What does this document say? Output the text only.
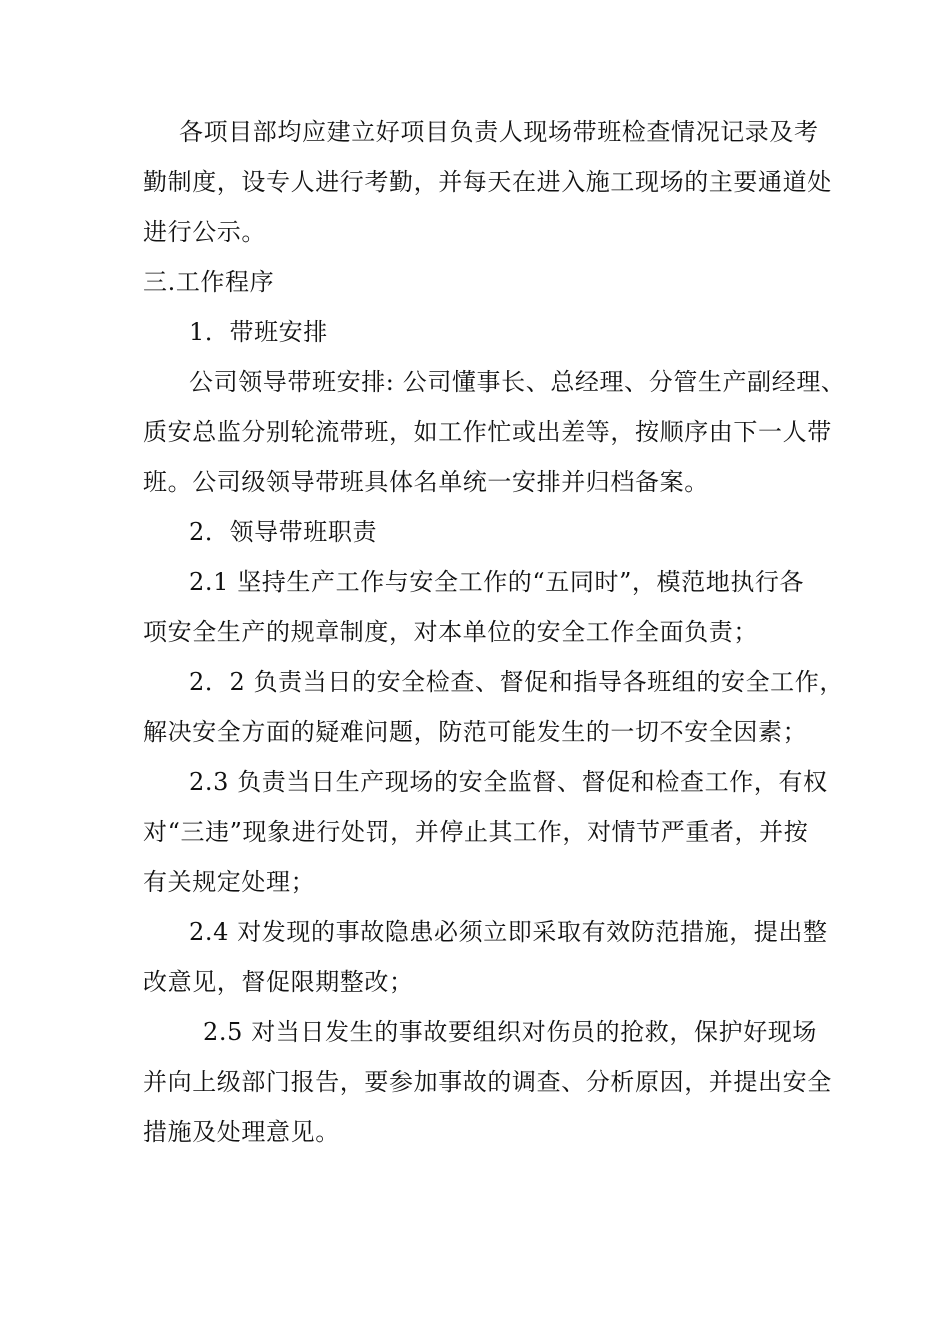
各项目部均应建立好项目负责人现场带班检查情况记录及考
勤制度，设专人进行考勤，并每天在进入施工现场的主要通道处
进行公示。
三.工作程序
1．带班安排
公司领导带班安排: 公司懂事长、总经理、分管生产副经理、
质安总监分别轮流带班，如工作忙或出差等，按顺序由下一人带
班。公司级领导带班具体名单统一安排并归档备案。
2．领导带班职责
2.1 坚持生产工作与安全工作的“五同时”，模范地执行各
项安全生产的规章制度，对本单位的安全工作全面负责；
2．2 负责当日的安全检查、督促和指导各班组的安全工作，
解决安全方面的疑难问题，防范可能发生的一切不安全因素；
2.3 负责当日生产现场的安全监督、督促和检查工作，有权
对“三违”现象进行处罚，并停止其工作，对情节严重者，并按
有关规定处理；
2.4 对发现的事故隐患必须立即采取有效防范措施，提出整
改意见，督促限期整改；
2.5 对当日发生的事故要组织对伤员的抢救，保护好现场
并向上级部门报告，要参加事故的调查、分析原因，并提出安全
措施及处理意见。
